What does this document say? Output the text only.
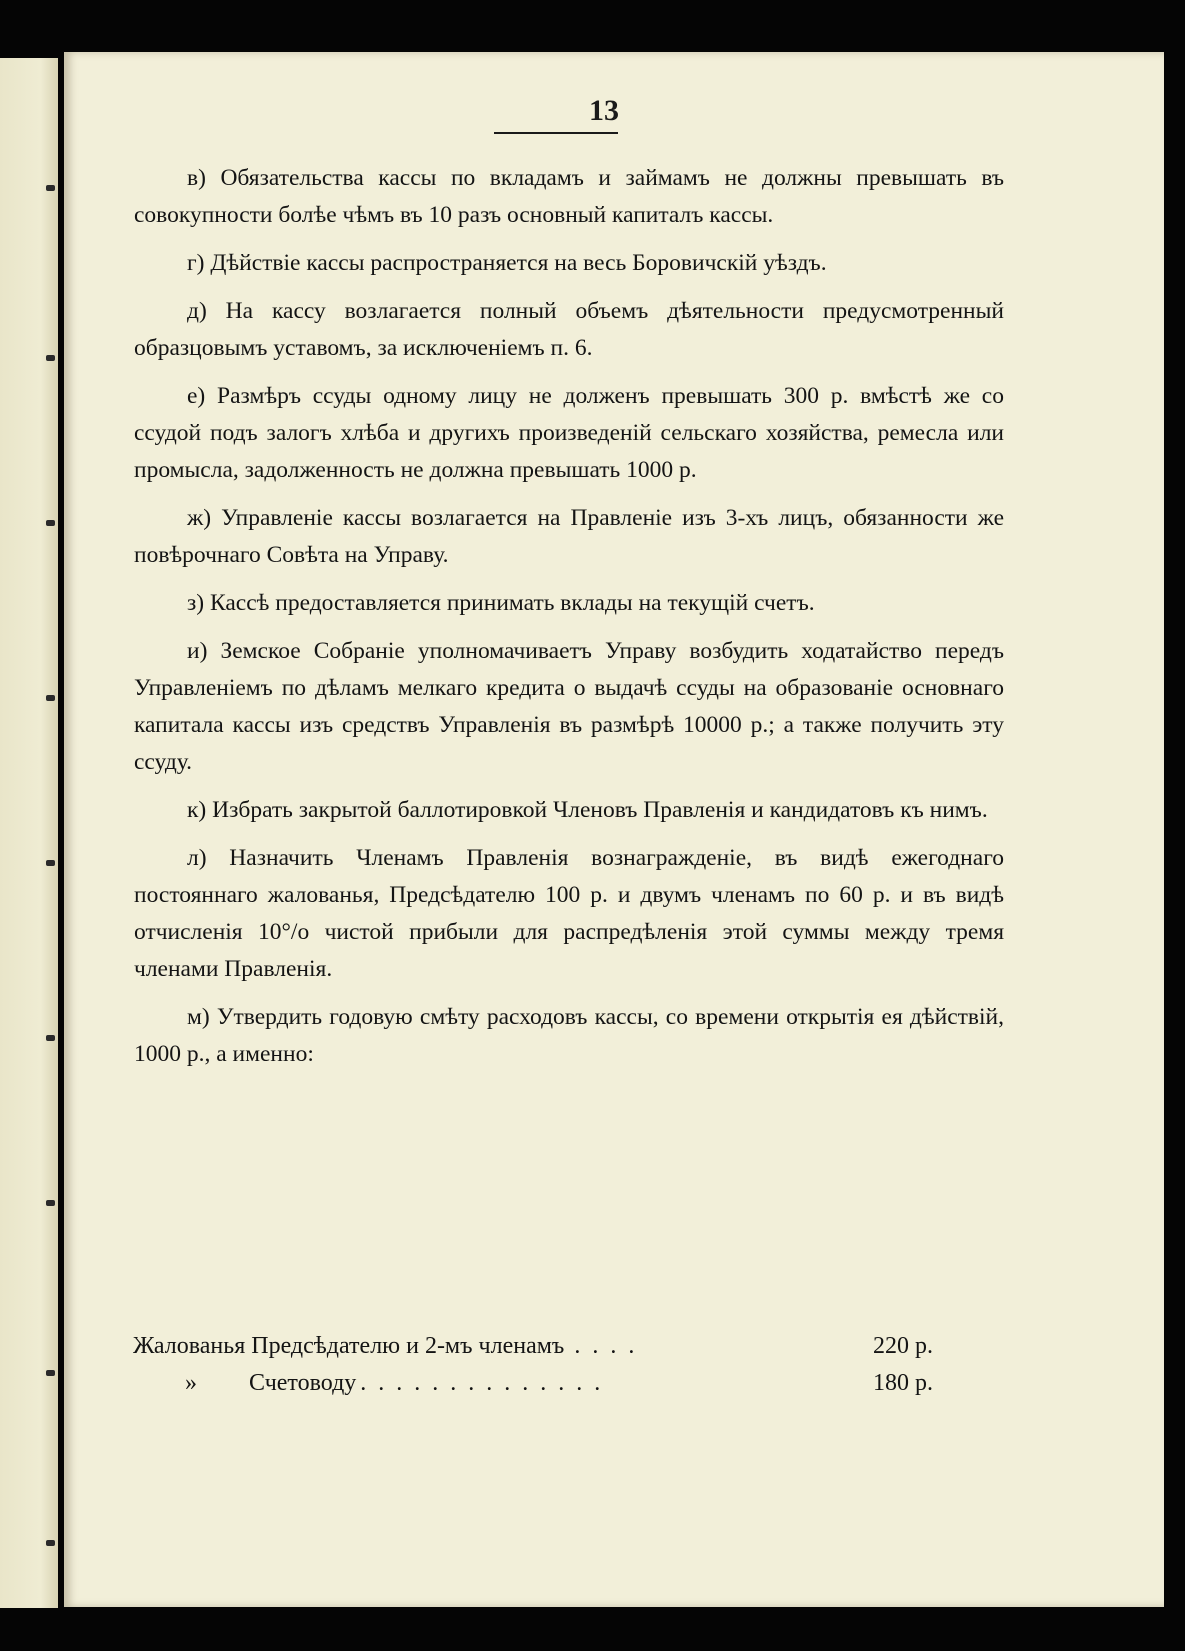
13

в) Обязательства кассы по вкладамъ и займамъ не должны превышать въ совокупности болѣе чѣмъ въ 10 разъ основный капиталъ кассы.

г) Дѣйствіе кассы распространяется на весь Боровичскій уѣздъ.

д) На кассу возлагается полный объемъ дѣятельности предусмотренный образцовымъ уставомъ, за исключеніемъ п. 6.

е) Размѣръ ссуды одному лицу не долженъ превышать 300 р. вмѣстѣ же со ссудой подъ залогъ хлѣба и другихъ произведеній сельскаго хозяйства, ремесла или промысла, задолженность не должна превышать 1000 р.

ж) Управленіе кассы возлагается на Правленіе изъ 3-хъ лицъ, обязанности же повѣрочнаго Совѣта на Управу.

з) Кассѣ предоставляется принимать вклады на текущій счетъ.

и) Земское Собраніе уполномачиваетъ Управу возбудить ходатайство передъ Управленіемъ по дѣламъ мелкаго кредита о выдачѣ ссуды на образованіе основнаго капитала кассы изъ средствъ Управленія въ размѣрѣ 10000 р.; а также получить эту ссуду.

к) Избрать закрытой баллотировкой Членовъ Правленія и кандидатовъ къ нимъ.

л) Назначить Членамъ Правленія вознагражденіе, въ видѣ ежегоднаго постояннаго жалованья, Предсѣдателю 100 р. и двумъ членамъ по 60 р. и въ видѣ отчисленія 10°/о чистой прибыли для распредѣленія этой суммы между тремя членами Правленія.

м) Утвердить годовую смѣту расходовъ кассы, со времени открытія ея дѣйствій, 1000 р., а именно:

Жалованья Предсѣдателю и 2-мъ членамъ . . . .	220 р.
»	Счетоводу . . . . . . . . . . . . . .	180 р.
